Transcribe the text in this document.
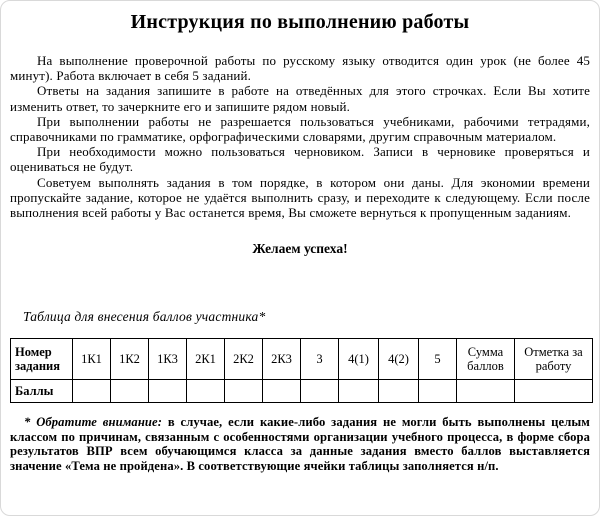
Инструкция по выполнению работы

На выполнение проверочной работы по русскому языку отводится один урок (не более 45 минут). Работа включает в себя 5 заданий.

Ответы на задания запишите в работе на отведённых для этого строчках. Если Вы хотите изменить ответ, то зачеркните его и запишите рядом новый.

При выполнении работы не разрешается пользоваться учебниками, рабочими тетрадями, справочниками по грамматике, орфографическими словарями, другим справочным материалом.

При необходимости можно пользоваться черновиком. Записи в черновике проверяться и оцениваться не будут.

Советуем выполнять задания в том порядке, в котором они даны. Для экономии времени пропускайте задание, которое не удаётся выполнить сразу, и переходите к следующему. Если после выполнения всей работы у Вас останется время, Вы сможете вернуться к пропущенным заданиям.

Желаем успеха!

Таблица для внесения баллов участника*

Номер задания	1К1	1К2	1К3	2К1	2К2	2К3	3	4(1)	4(2)	5	Сумма баллов	Отметка за работу
Баллы												

* Обратите внимание: в случае, если какие-либо задания не могли быть выполнены целым классом по причинам, связанным с особенностями организации учебного процесса, в форме сбора результатов ВПР всем обучающимся класса за данные задания вместо баллов выставляется значение «Тема не пройдена». В соответствующие ячейки таблицы заполняется н/п.
